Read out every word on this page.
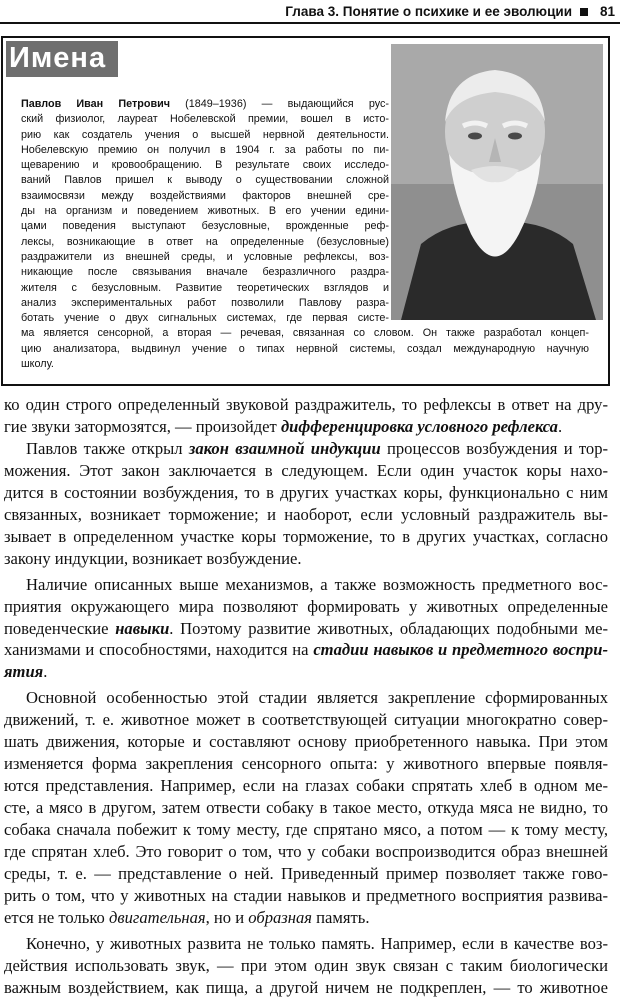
Глава 3. Понятие о психике и ее эволюции 81
Имена
Павлов Иван Петрович (1849–1936) — выдающийся рус-
ский физиолог, лауреат Нобелевской премии, вошел в исто-
рию как создатель учения о высшей нервной деятельности.
Нобелевскую премию он получил в 1904 г. за работы по пи-
щеварению и кровообращению. В результате своих исследо-
ваний Павлов пришел к выводу о существовании сложной
взаимосвязи между воздействиями факторов внешней сре-
ды на организм и поведением животных. В его учении едини-
цами поведения выступают безусловные, врожденные реф-
лексы, возникающие в ответ на определенные (безусловные)
раздражители из внешней среды, и условные рефлексы, воз-
никающие после связывания вначале безразличного раздра-
жителя с безусловным. Развитие теоретических взглядов и
анализ экспериментальных работ позволили Павлову разра-
ботать учение о двух сигнальных системах, где первая систе-
ма является сенсорной, а вторая — речевая, связанная со словом. Он также разработал концеп-
цию анализатора, выдвинул учение о типах нервной системы, создал международную научную
школу.
ко один строго определенный звуковой раздражитель, то рефлексы в ответ на дру-
гие звуки затормозятся, — произойдет дифференцировка условного рефлекса.
Павлов также открыл закон взаимной индукции процессов возбуждения и тор-
можения. Этот закон заключается в следующем. Если один участок коры нахо-
дится в состоянии возбуждения, то в других участках коры, функционально с ним
связанных, возникает торможение; и наоборот, если условный раздражитель вы-
зывает в определенном участке коры торможение, то в других участках, согласно
закону индукции, возникает возбуждение.
Наличие описанных выше механизмов, а также возможность предметного вос-
приятия окружающего мира позволяют формировать у животных определенные
поведенческие навыки. Поэтому развитие животных, обладающих подобными ме-
ханизмами и способностями, находится на стадии навыков и предметного воспри-
ятия.
Основной особенностью этой стадии является закрепление сформированных
движений, т. е. животное может в соответствующей ситуации многократно совер-
шать движения, которые и составляют основу приобретенного навыка. При этом
изменяется форма закрепления сенсорного опыта: у животного впервые появля-
ются представления. Например, если на глазах собаки спрятать хлеб в одном ме-
сте, а мясо в другом, затем отвести собаку в такое место, откуда мяса не видно, то
собака сначала побежит к тому месту, где спрятано мясо, а потом — к тому месту,
где спрятан хлеб. Это говорит о том, что у собаки воспроизводится образ внешней
среды, т. е. — представление о ней. Приведенный пример позволяет также гово-
рить о том, что у животных на стадии навыков и предметного восприятия развива-
ется не только двигательная, но и образная память.
Конечно, у животных развита не только память. Например, если в качестве воз-
действия использовать звук, — при этом один звук связан с таким биологически
важным воздействием, как пища, а другой ничем не подкреплен, — то животное
